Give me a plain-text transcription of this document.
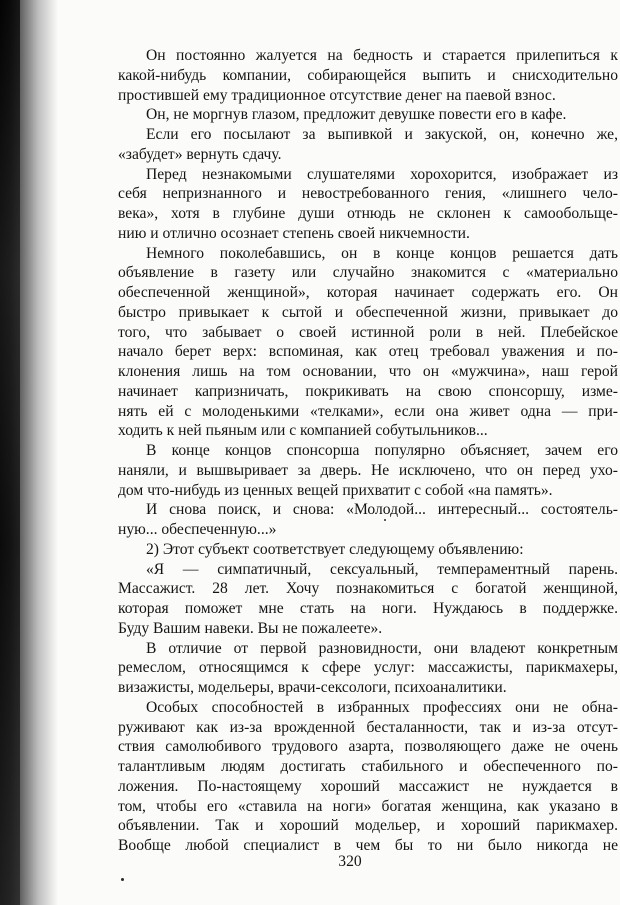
Он постоянно жалуется на бедность и старается прилепиться к
какой-нибудь компании, собирающейся выпить и снисходительно
простившей ему традиционное отсутствие денег на паевой взнос.
Он, не моргнув глазом, предложит девушке повести его в кафе.
Если его посылают за выпивкой и закуской, он, конечно же,
«забудет» вернуть сдачу.
Перед незнакомыми слушателями хорохорится, изображает из
себя непризнанного и невостребованного гения, «лишнего чело-
века», хотя в глубине души отнюдь не склонен к самообольще-
нию и отлично осознает степень своей никчемности.
Немного поколебавшись, он в конце концов решается дать
объявление в газету или случайно знакомится с «материально
обеспеченной женщиной», которая начинает содержать его. Он
быстро привыкает к сытой и обеспеченной жизни, привыкает до
того, что забывает о своей истинной роли в ней. Плебейское
начало берет верх: вспоминая, как отец требовал уважения и по-
клонения лишь на том основании, что он «мужчина», наш герой
начинает капризничать, покрикивать на свою спонсоршу, изме-
нять ей с молоденькими «телками», если она живет одна — при-
ходить к ней пьяным или с компанией собутыльников...
В конце концов спонсорша популярно объясняет, зачем его
наняли, и вышвыривает за дверь. Не исключено, что он перед ухо-
дом что-нибудь из ценных вещей прихватит с собой «на память».
И снова поиск, и снова: «Молодой... интересный... состоятель-
ную... обеспеченную...»
2) Этот субъект соответствует следующему объявлению:
«Я — симпатичный, сексуальный, темпераментный парень.
Массажист. 28 лет. Хочу познакомиться с богатой женщиной,
которая поможет мне стать на ноги. Нуждаюсь в поддержке.
Буду Вашим навеки. Вы не пожалеете».
В отличие от первой разновидности, они владеют конкретным
ремеслом, относящимся к сфере услуг: массажисты, парикмахеры,
визажисты, модельеры, врачи-сексологи, психоаналитики.
Особых способностей в избранных профессиях они не обна-
руживают как из-за врожденной бесталанности, так и из-за отсут-
ствия самолюбивого трудового азарта, позволяющего даже не очень
талантливым людям достигать стабильного и обеспеченного по-
ложения. По-настоящему хороший массажист не нуждается в
том, чтобы его «ставила на ноги» богатая женщина, как указано в
объявлении. Так и хороший модельер, и хороший парикмахер.
Вообще любой специалист в чем бы то ни было никогда не
320
